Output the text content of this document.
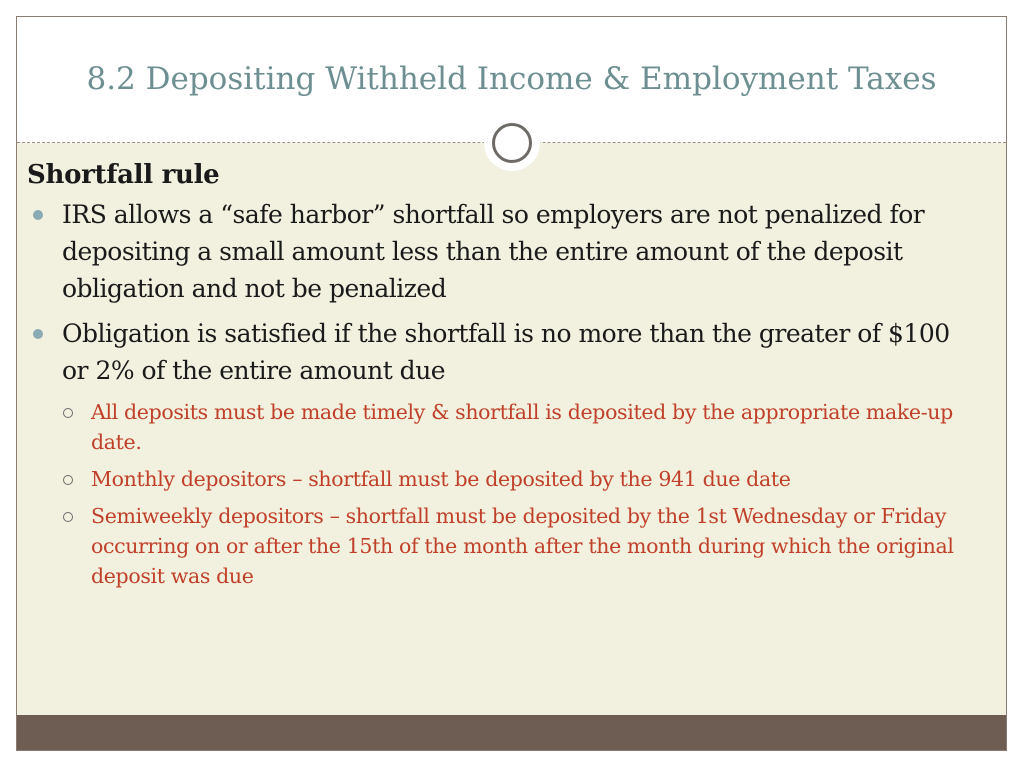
8.2 Depositing Withheld Income & Employment Taxes
Shortfall rule
IRS allows a “safe harbor” shortfall so employers are not penalized for depositing a small amount less than the entire amount of the deposit obligation and not be penalized
Obligation is satisfied if the shortfall is no more than the greater of $100 or 2% of the entire amount due
All deposits must be made timely & shortfall is deposited by the appropriate make-up date.
Monthly depositors – shortfall must be deposited by the 941 due date
Semiweekly depositors – shortfall must be deposited by the 1st Wednesday or Friday occurring on or after the 15th of the month after the month during which the original deposit was due
